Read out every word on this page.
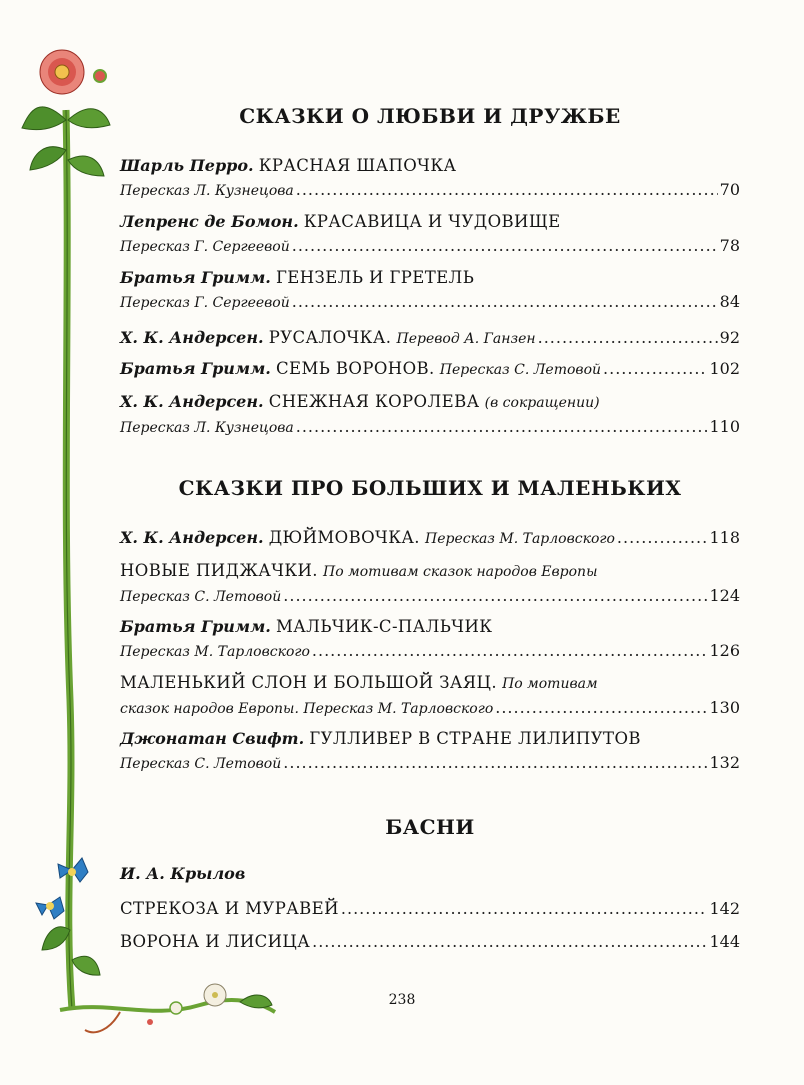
СКАЗКИ О ЛЮБВИ И ДРУЖБЕ
Шарль Перро.
КРАСНАЯ ШАПОЧКА
Пересказ Л. Кузнецова .....	70
Лепренс де Бомон.
КРАСАВИЦА И ЧУДОВИЩЕ
Пересказ Г. Сергеевой .....	78
Братья Гримм.
ГЕНЗЕЛЬ И ГРЕТЕЛЬ
Пересказ Г. Сергеевой .....	84
Х. К. Андерсен.
РУСАЛОЧКА.
Перевод А. Ганзен .....	92
Братья Гримм.
СЕМЬ ВОРОНОВ.
Пересказ С. Летовой .....	102
Х. К. Андерсен.
СНЕЖНАЯ КОРОЛЕВА
(в сокращении)
Пересказ Л. Кузнецова .....	110
СКАЗКИ ПРО БОЛЬШИХ И МАЛЕНЬКИХ
Х. К. Андерсен.
ДЮЙМОВОЧКА.
Пересказ М. Тарловского .....	118
НОВЫЕ ПИДЖАЧКИ.
По мотивам сказок народов Европы
Пересказ С. Летовой .....	124
Братья Гримм.
МАЛЬЧИК-С-ПАЛЬЧИК
Пересказ М. Тарловского .....	126
МАЛЕНЬКИЙ СЛОН И БОЛЬШОЙ ЗАЯЦ.
По мотивам
сказок народов Европы. Пересказ М. Тарловского .....	130
Джонатан Свифт.
ГУЛЛИВЕР В СТРАНЕ ЛИЛИПУТОВ
Пересказ С. Летовой .....	132
БАСНИ
И. А. Крылов
СТРЕКОЗА И МУРАВЕЙ .....	142
ВОРОНА И ЛИСИЦА .....	144
238
